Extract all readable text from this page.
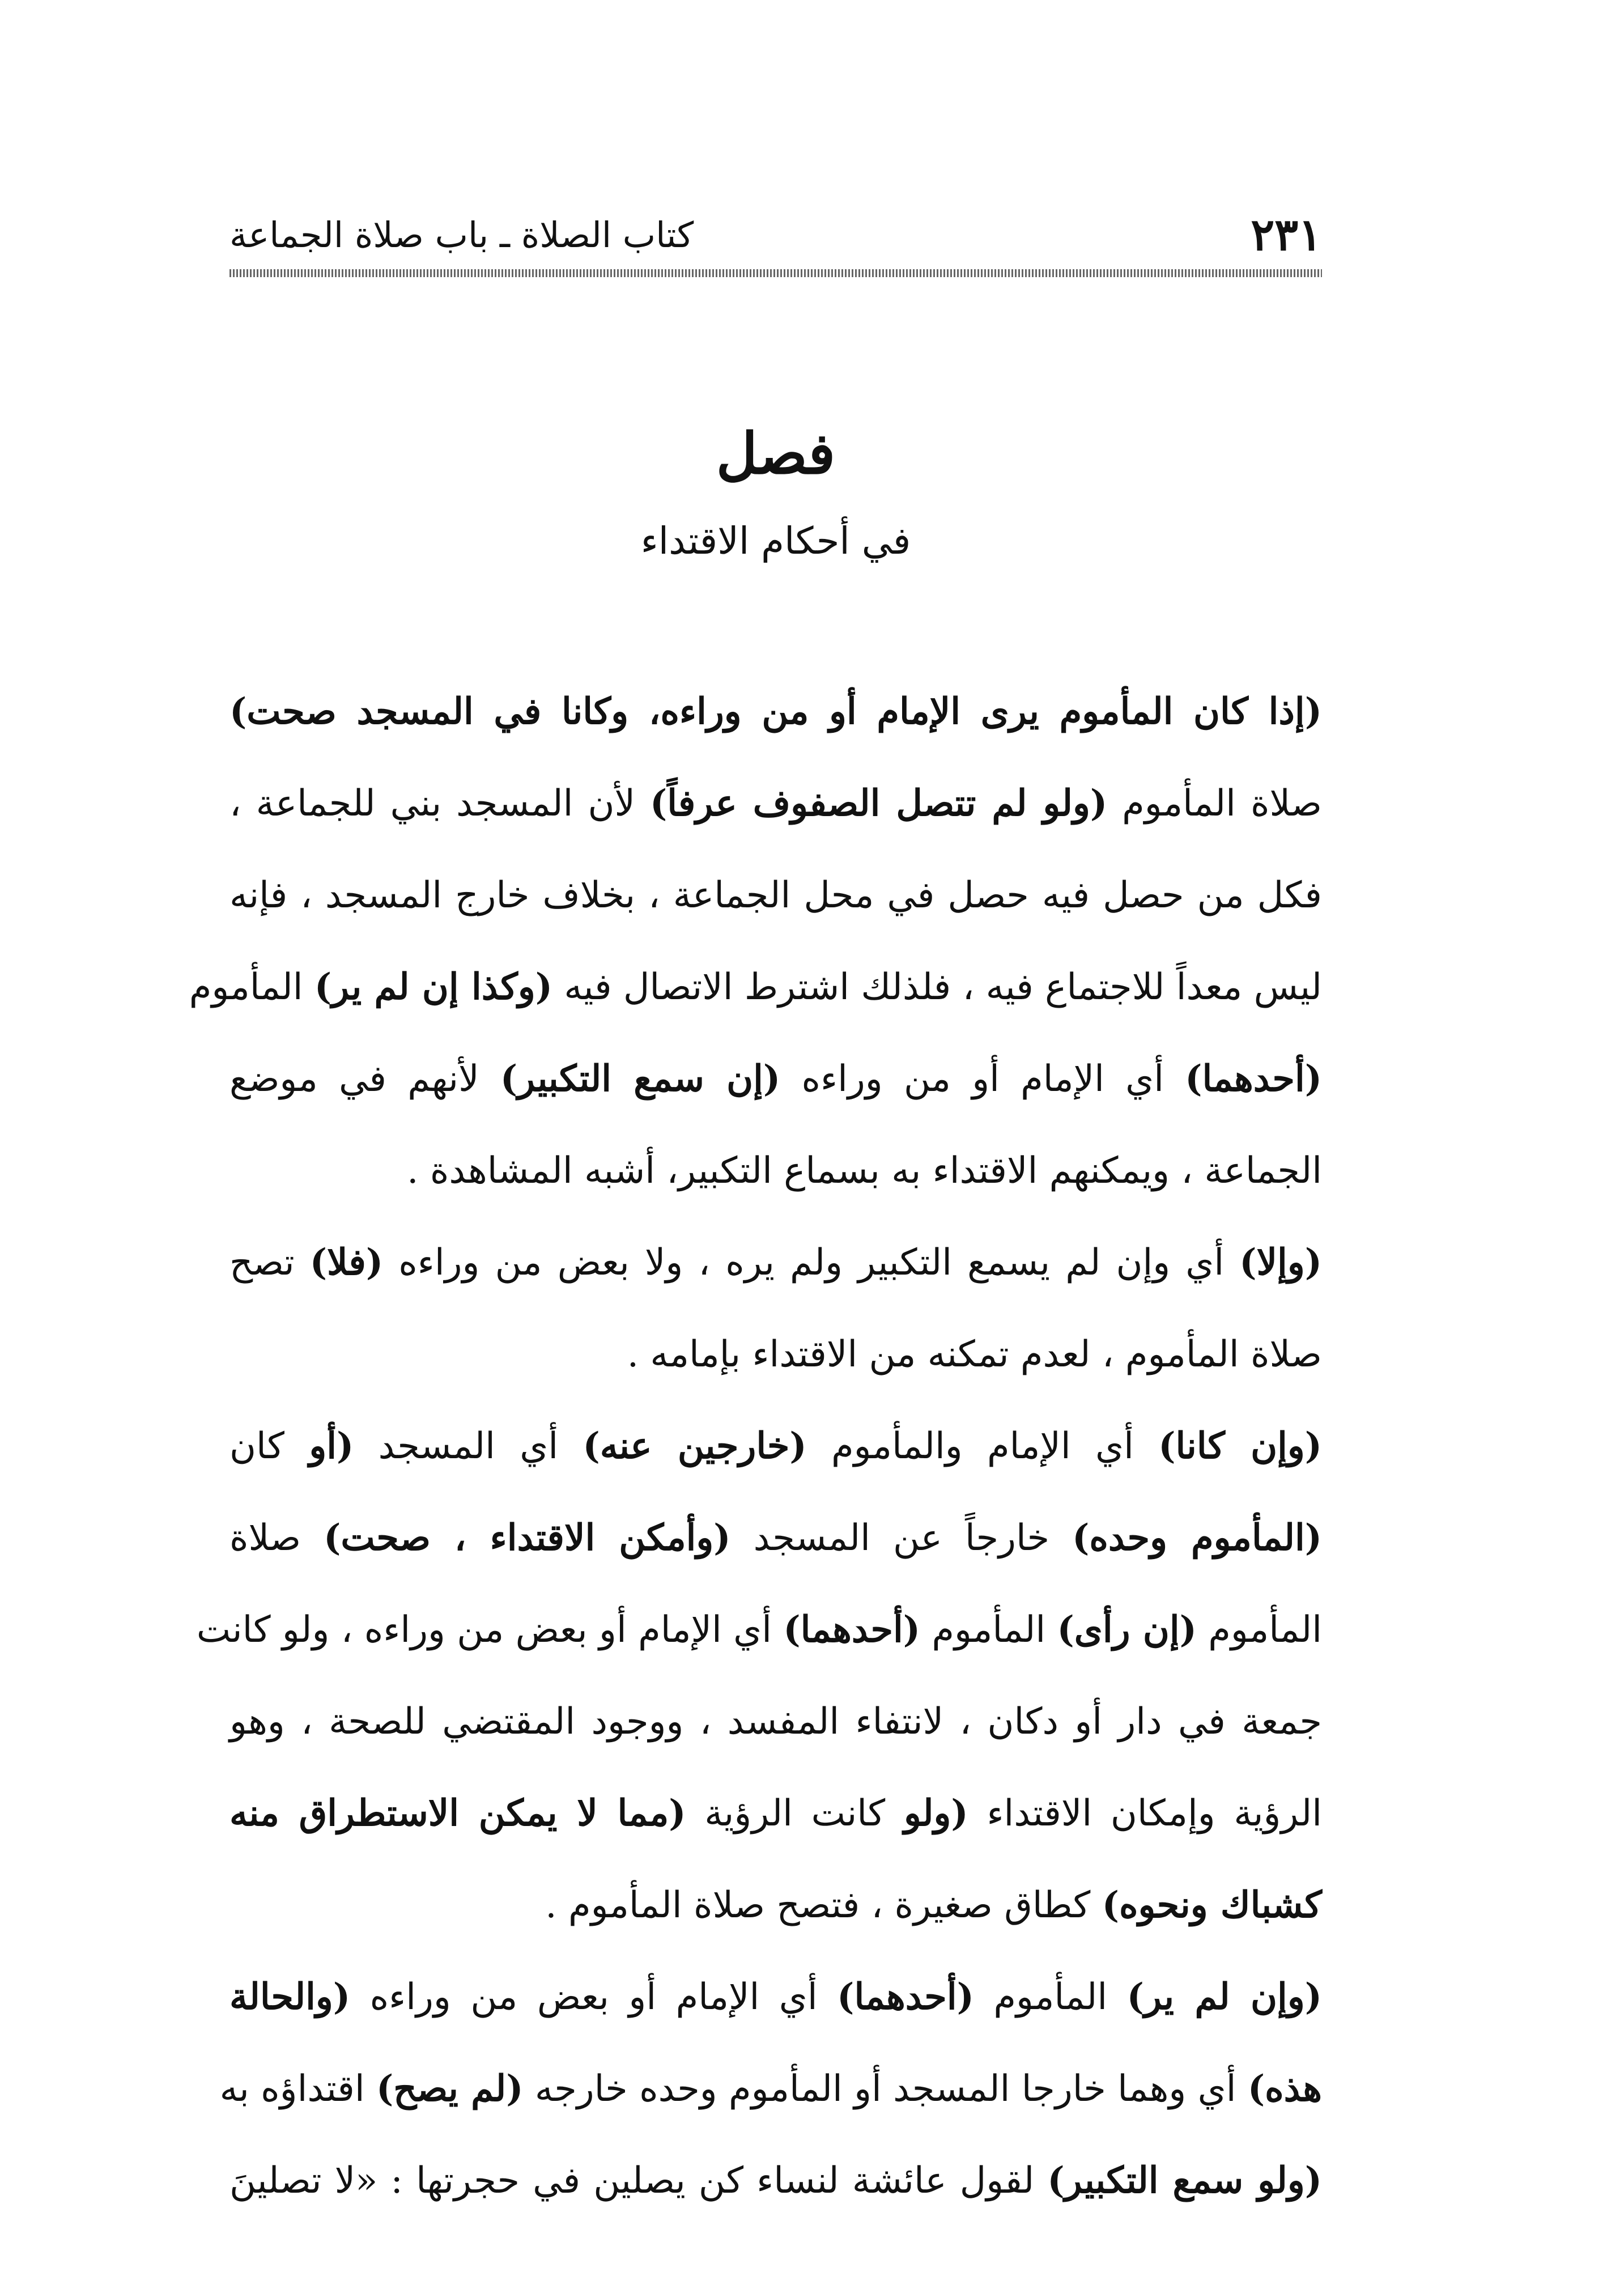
٢٣١
كتاب الصلاة ـ باب صلاة الجماعة
فصل
في أحكام الاقتداء
(إذا كان المأموم يرى الإمام أو من وراءه، وكانا في المسجد صحت)
صلاة المأموم (ولو لم تتصل الصفوف عرفاً) لأن المسجد بني للجماعة ،
فكل من حصل فيه حصل في محل الجماعة ، بخلاف خارج المسجد ، فإنه
ليس معداً للاجتماع فيه ، فلذلك اشترط الاتصال فيه (وكذا إن لم ير) المأموم
(أحدهما) أي الإمام أو من وراءه (إن سمع التكبير) لأنهم في موضع
الجماعة ، ويمكنهم الاقتداء به بسماع التكبير، أشبه المشاهدة .
(وإلا) أي وإن لم يسمع التكبير ولم يره ، ولا بعض من وراءه (فلا) تصح
صلاة المأموم ، لعدم تمكنه من الاقتداء بإمامه .
(وإن كانا) أي الإمام والمأموم (خارجين عنه) أي المسجد (أو كان
(المأموم وحده) خارجاً عن المسجد (وأمكن الاقتداء ، صحت) صلاة
المأموم (إن رأى) المأموم (أحدهما) أي الإمام أو بعض من وراءه ، ولو كانت
جمعة في دار أو دكان ، لانتفاء المفسد ، ووجود المقتضي للصحة ، وهو
الرؤية وإمكان الاقتداء (ولو كانت الرؤية (مما لا يمكن الاستطراق منه
كشباك ونحوه) كطاق صغيرة ، فتصح صلاة المأموم .
(وإن لم ير) المأموم (أحدهما) أي الإمام أو بعض من وراءه (والحالة
هذه) أي وهما خارجا المسجد أو المأموم وحده خارجه (لم يصح) اقتداؤه به
(ولو سمع التكبير) لقول عائشة لنساء كن يصلين في حجرتها : «لا تصلينَ
